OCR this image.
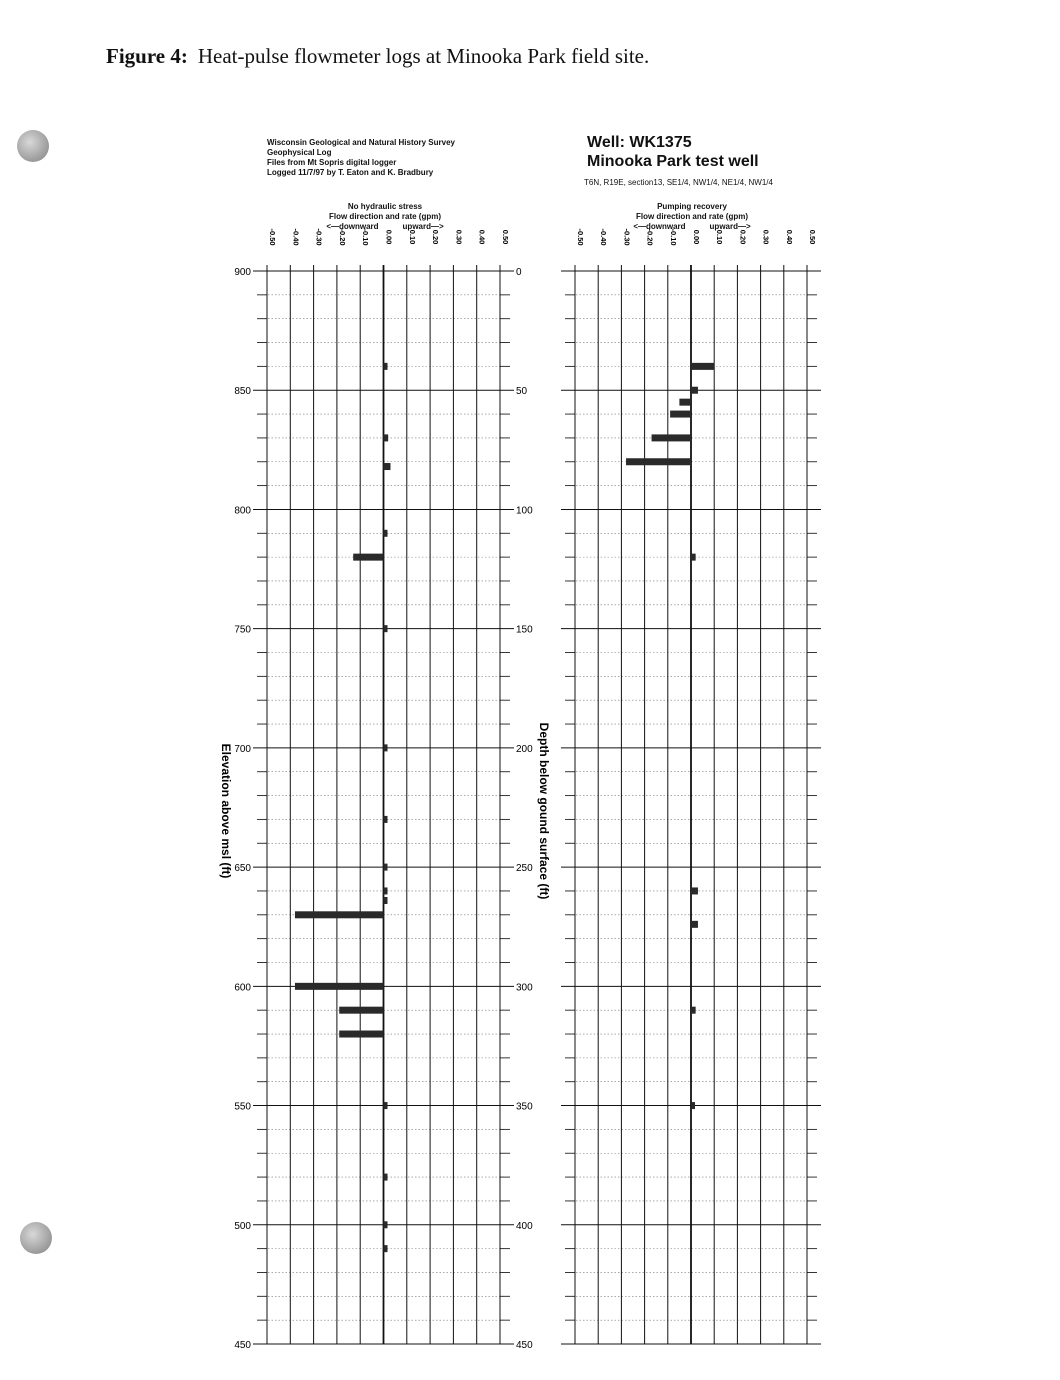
Figure 4: Heat-pulse flowmeter logs at Minooka Park field site.
Wisconsin Geological and Natural History Survey
Geophysical Log
Files from Mt Sopris digital logger
Logged 11/7/97 by T. Eaton and K. Bradbury
Well: WK1375
Minooka Park test well
T6N, R19E, section13, SE1/4, NW1/4, NE1/4, NW1/4
No hydraulic stress
Flow direction and rate (gpm)
<—downward	upward—>
Pumping recovery
Flow direction and rate (gpm)
<—downward	upward—>
-0.50 -0.40 -0.30 -0.20 -0.10 0.00 0.10 0.20 0.30 0.40 0.50
900
850
800
750
700
650
600
550
500
450
0
50
100
150
200
250
300
350
400
450
-0.50 -0.40 -0.30 -0.20 -0.10 0.00 0.10 0.20 0.30 0.40 0.50
Elevation above msl (ft)	Depth below gound surface (ft)
